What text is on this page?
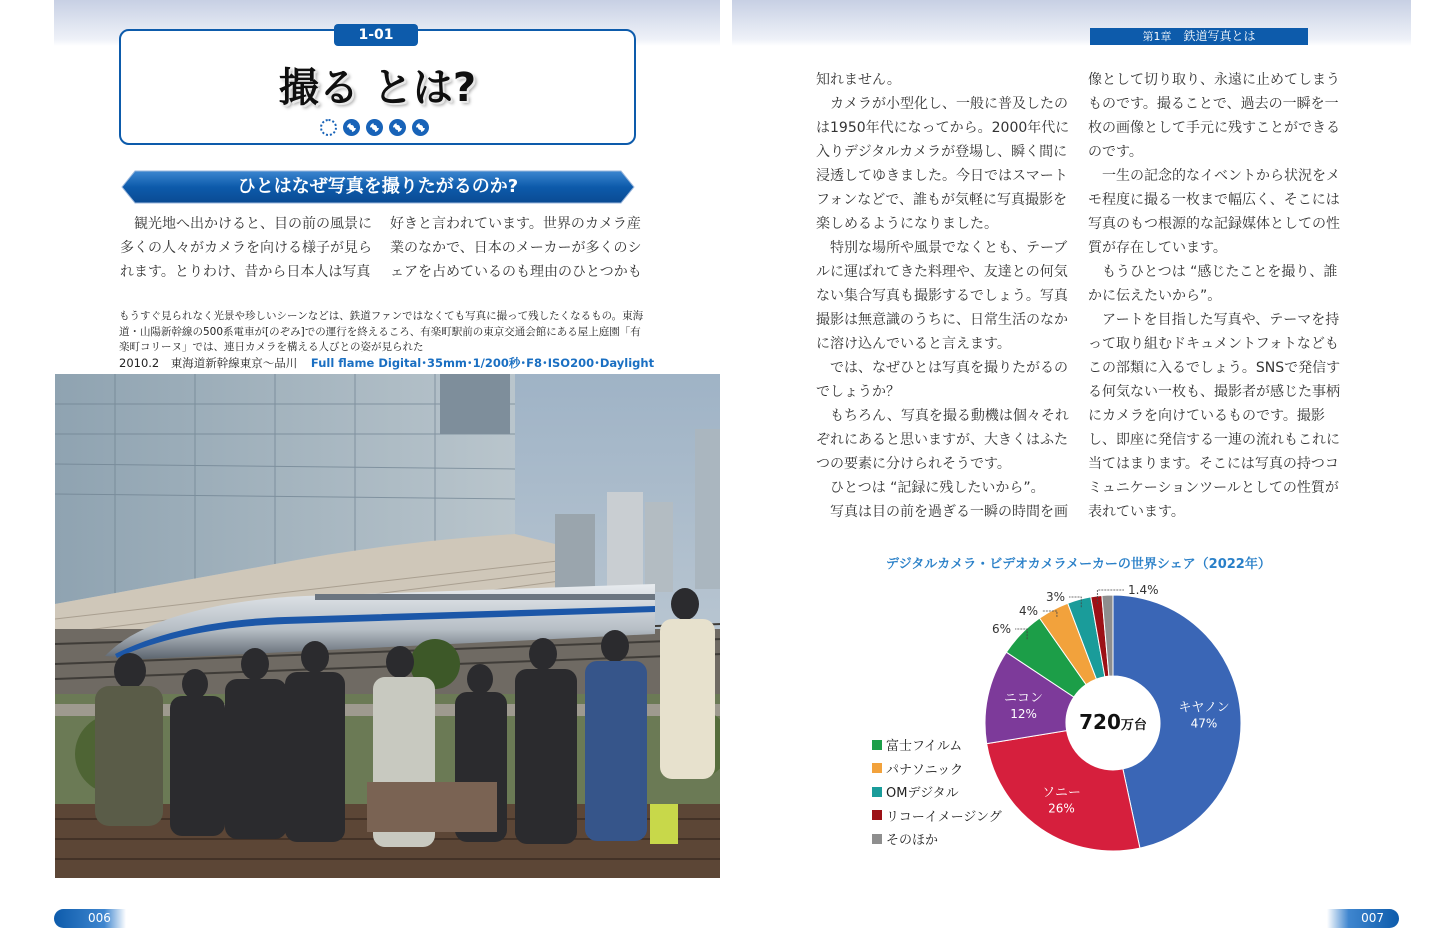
1-01
撮る とは?
ひとはなぜ写真を撮りたがるのか?

観光地へ出かけると、目の前の風景に多くの人々がカメラを向ける様子が見られます。とりわけ、昔から日本人は写真

好きと言われています。世界のカメラ産業のなかで、日本のメーカーが多くのシェアを占めているのも理由のひとつかも

もうすぐ見られなく光景や珍しいシーンなどは、鉄道ファンではなくても写真に撮って残したくなるもの。東海道・山陽新幹線の500系電車が[のぞみ]での運行を終えるころ、有楽町駅前の東京交通会館にある屋上庭園「有楽町コリーヌ」では、連日カメラを構える人びとの姿が見られた
2010.2　東海道新幹線東京〜品川 Full flame Digital･35mm･1/200秒･F8･ISO200･Daylight
006
第1章 鉄道写真とは

知れません。

カメラが小型化し、一般に普及したのは1950年代になってから。2000年代に入りデジタルカメラが登場し、瞬く間に浸透してゆきました。今日ではスマートフォンなどで、誰もが気軽に写真撮影を楽しめるようになりました。

特別な場所や風景でなくとも、テーブルに運ばれてきた料理や、友達との何気ない集合写真も撮影するでしょう。写真撮影は無意識のうちに、日常生活のなかに溶け込んでいると言えます。

では、なぜひとは写真を撮りたがるのでしょうか？

もちろん、写真を撮る動機は個々それぞれにあると思いますが、大きくはふたつの要素に分けられそうです。

ひとつは “記録に残したいから”。

写真は目の前を過ぎる一瞬の時間を画

像として切り取り、永遠に止めてしまうものです。撮ることで、過去の一瞬を一枚の画像として手元に残すことができるのです。

一生の記念的なイベントから状況をメモ程度に撮る一枚まで幅広く、そこには写真のもつ根源的な記録媒体としての性質が存在しています。

もうひとつは “感じたことを撮り、誰かに伝えたいから”。

アートを目指した写真や、テーマを持って取り組むドキュメントフォトなどもこの部類に入るでしょう。SNSで発信する何気ない一枚も、撮影者が感じた事柄にカメラを向けているものです。撮影し、即座に発信する一連の流れもこれに当てはまります。そこには写真の持つコミュニケーションツールとしての性質が表れています。

デジタルカメラ・ビデオカメラメーカーの世界シェア（2022年）
キヤノン
47%
ソニー
26%
ニコン
12%
6%
4%
3%	1.4%
720万台
富士フイルム
パナソニック
OMデジタル
リコーイメージング
そのほか
007
